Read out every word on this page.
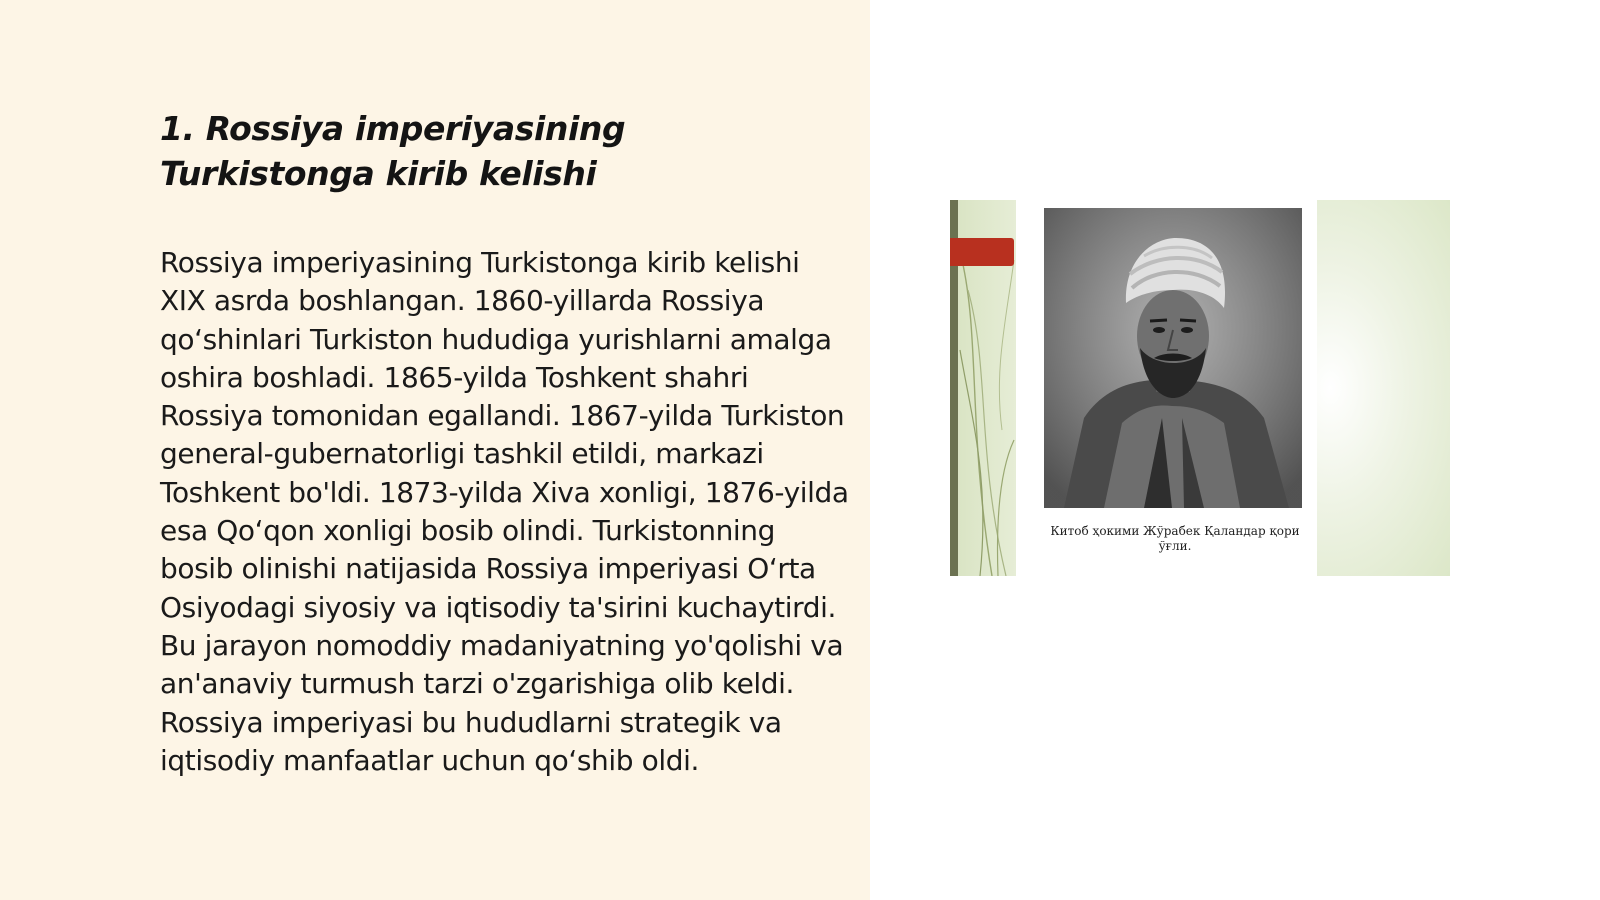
1. Rossiya imperiyasining Turkistonga kirib kelishi

Rossiya imperiyasining Turkistonga kirib kelishi XIX asrda boshlangan. 1860-yillarda Rossiya qo‘shinlari Turkiston hududiga yurishlarni amalga oshira boshladi. 1865-yilda Toshkent shahri Rossiya tomonidan egallandi. 1867-yilda Turkiston general-gubernatorligi tashkil etildi, markazi Toshkent bo'ldi. 1873-yilda Xiva xonligi, 1876-yilda esa Qo‘qon xonligi bosib olindi. Turkistonning bosib olinishi natijasida Rossiya imperiyasi O‘rta Osiyodagi siyosiy va iqtisodiy ta'sirini kuchaytirdi. Bu jarayon nomoddiy madaniyatning yo'qolishi va an'anaviy turmush tarzi o'zgarishiga olib keldi. Rossiya imperiyasi bu hududlarni strategik va iqtisodiy manfaatlar uchun qo‘shib oldi.

Китоб ҳокими Жўрабек Қаландар қори ўғли.
